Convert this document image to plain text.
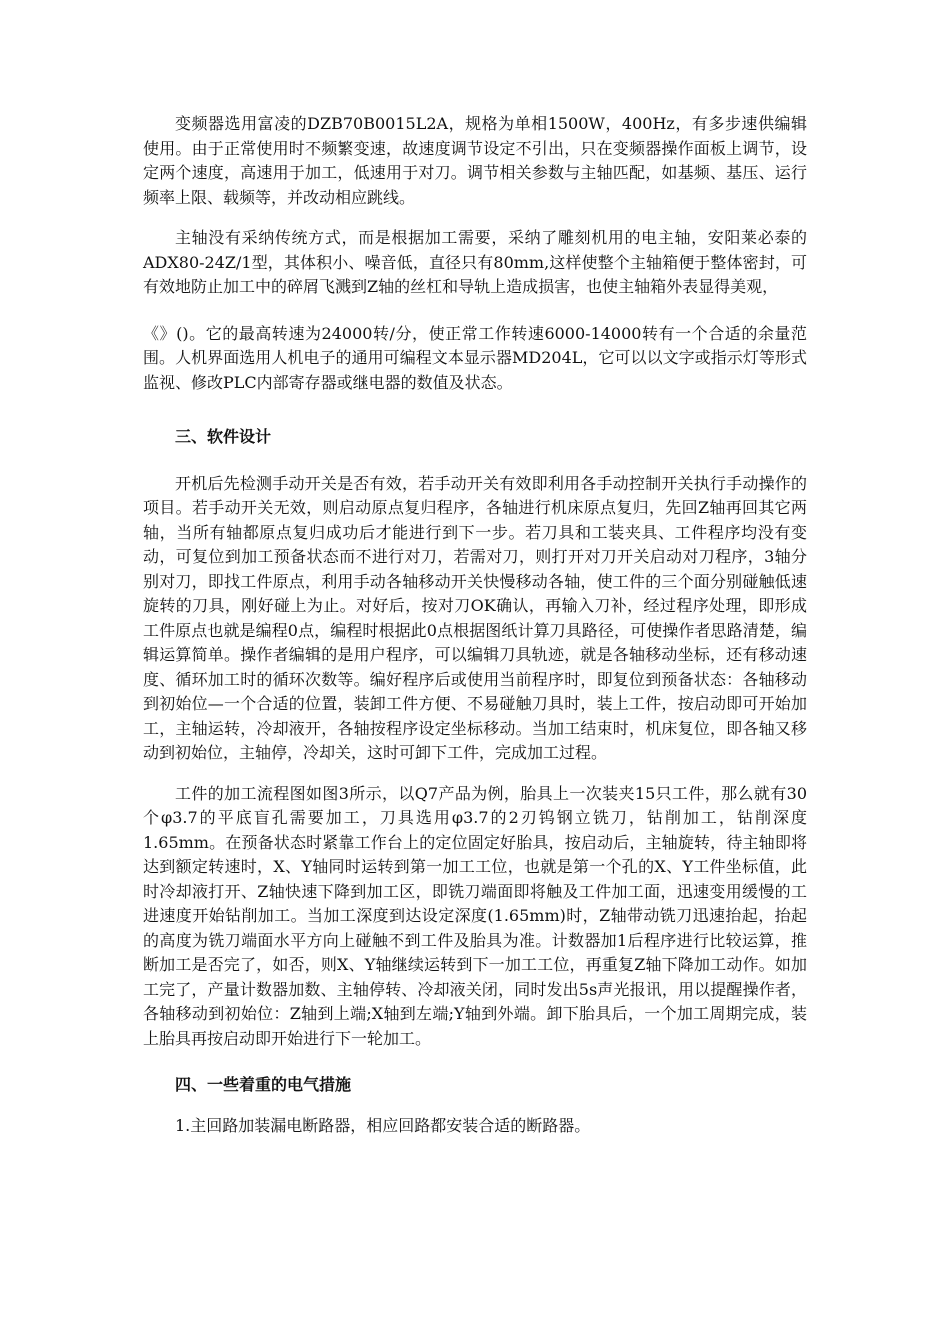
变频器选用富凌的DZB70B0015L2A，规格为单相1500W，400Hz，有多步速供编辑使用。由于正常使用时不频繁变速，故速度调节设定不引出，只在变频器操作面板上调节，设定两个速度，高速用于加工，低速用于对刀。调节相关参数与主轴匹配，如基频、基压、运行频率上限、载频等，并改动相应跳线。

主轴没有采纳传统方式，而是根据加工需要，采纳了雕刻机用的电主轴，安阳莱必泰的ADX80-24Z/1型，其体积小、噪音低，直径只有80mm,这样使整个主轴箱便于整体密封，可有效地防止加工中的碎屑飞溅到Z轴的丝杠和导轨上造成损害，也使主轴箱外表显得美观，

《》()。它的最高转速为24000转/分，使正常工作转速6000-14000转有一个合适的余量范围。人机界面选用人机电子的通用可编程文本显示器MD204L，它可以以文字或指示灯等形式监视、修改PLC内部寄存器或继电器的数值及状态。

三、软件设计

开机后先检测手动开关是否有效，若手动开关有效即利用各手动控制开关执行手动操作的项目。若手动开关无效，则启动原点复归程序，各轴进行机床原点复归，先回Z轴再回其它两轴，当所有轴都原点复归成功后才能进行到下一步。若刀具和工装夹具、工件程序均没有变动，可复位到加工预备状态而不进行对刀，若需对刀，则打开对刀开关启动对刀程序，3轴分别对刀，即找工件原点，利用手动各轴移动开关快慢移动各轴，使工件的三个面分别碰触低速旋转的刀具，刚好碰上为止。对好后，按对刀OK确认，再输入刀补，经过程序处理，即形成工件原点也就是编程0点，编程时根据此0点根据图纸计算刀具路径，可使操作者思路清楚，编辑运算简单。操作者编辑的是用户程序，可以编辑刀具轨迹，就是各轴移动坐标，还有移动速度、循环加工时的循环次数等。编好程序后或使用当前程序时，即复位到预备状态：各轴移动到初始位—一个合适的位置，装卸工件方便、不易碰触刀具时，装上工件，按启动即可开始加工，主轴运转，冷却液开，各轴按程序设定坐标移动。当加工结束时，机床复位，即各轴又移动到初始位，主轴停，冷却关，这时可卸下工件，完成加工过程。

工件的加工流程图如图3所示，以Q7产品为例，胎具上一次装夹15只工件，那么就有30个φ3.7的平底盲孔需要加工，刀具选用φ3.7的2刃钨钢立铣刀，钻削加工，钻削深度1.65mm。在预备状态时紧靠工作台上的定位固定好胎具，按启动后，主轴旋转，待主轴即将达到额定转速时，X、Y轴同时运转到第一加工工位，也就是第一个孔的X、Y工件坐标值，此时冷却液打开、Z轴快速下降到加工区，即铣刀端面即将触及工件加工面，迅速变用缓慢的工进速度开始钻削加工。当加工深度到达设定深度(1.65mm)时，Z轴带动铣刀迅速抬起，抬起的高度为铣刀端面水平方向上碰触不到工件及胎具为准。计数器加1后程序进行比较运算，推断加工是否完了，如否，则X、Y轴继续运转到下一加工工位，再重复Z轴下降加工动作。如加工完了，产量计数器加数、主轴停转、冷却液关闭，同时发出5s声光报讯，用以提醒操作者，各轴移动到初始位：Z轴到上端;X轴到左端;Y轴到外端。卸下胎具后，一个加工周期完成，装上胎具再按启动即开始进行下一轮加工。

四、一些着重的电气措施

1.主回路加装漏电断路器，相应回路都安装合适的断路器。
